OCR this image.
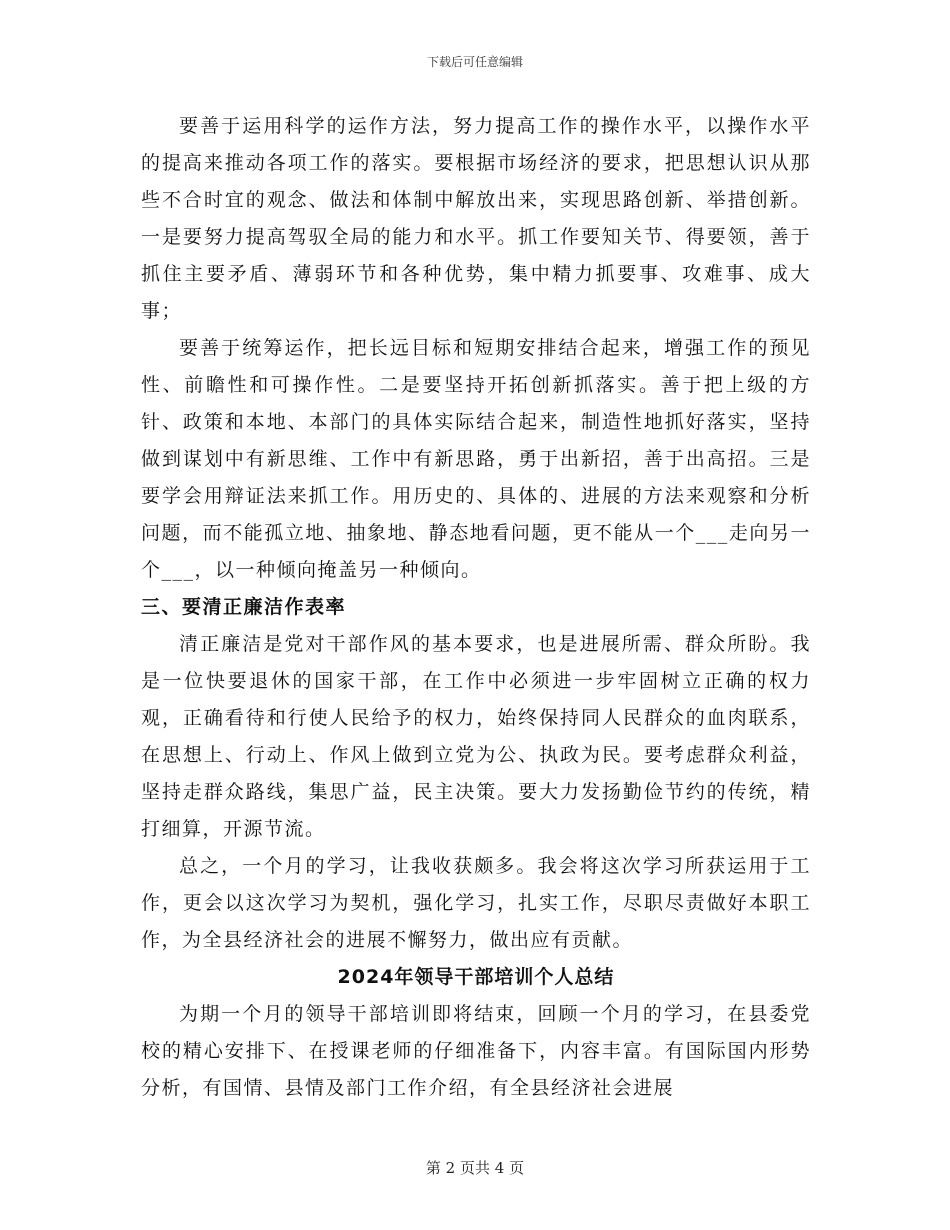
下载后可任意编辑

要善于运用科学的运作方法，努力提高工作的操作水平，以操作水平的提高来推动各项工作的落实。要根据市场经济的要求，把思想认识从那些不合时宜的观念、做法和体制中解放出来，实现思路创新、举措创新。一是要努力提高驾驭全局的能力和水平。抓工作要知关节、得要领，善于抓住主要矛盾、薄弱环节和各种优势，集中精力抓要事、攻难事、成大事；

要善于统筹运作，把长远目标和短期安排结合起来，增强工作的预见性、前瞻性和可操作性。二是要坚持开拓创新抓落实。善于把上级的方针、政策和本地、本部门的具体实际结合起来，制造性地抓好落实，坚持做到谋划中有新思维、工作中有新思路，勇于出新招，善于出高招。三是要学会用辩证法来抓工作。用历史的、具体的、进展的方法来观察和分析问题，而不能孤立地、抽象地、静态地看问题，更不能从一个___走向另一个___，以一种倾向掩盖另一种倾向。

三、要清正廉洁作表率

清正廉洁是党对干部作风的基本要求，也是进展所需、群众所盼。我是一位快要退休的国家干部，在工作中必须进一步牢固树立正确的权力观，正确看待和行使人民给予的权力，始终保持同人民群众的血肉联系，在思想上、行动上、作风上做到立党为公、执政为民。要考虑群众利益，坚持走群众路线，集思广益，民主决策。要大力发扬勤俭节约的传统，精打细算，开源节流。

总之，一个月的学习，让我收获颇多。我会将这次学习所获运用于工作，更会以这次学习为契机，强化学习，扎实工作，尽职尽责做好本职工作，为全县经济社会的进展不懈努力，做出应有贡献。

2024年领导干部培训个人总结

为期一个月的领导干部培训即将结束，回顾一个月的学习，在县委党校的精心安排下、在授课老师的仔细准备下，内容丰富。有国际国内形势分析，有国情、县情及部门工作介绍，有全县经济社会进展

第 2 页共 4 页
